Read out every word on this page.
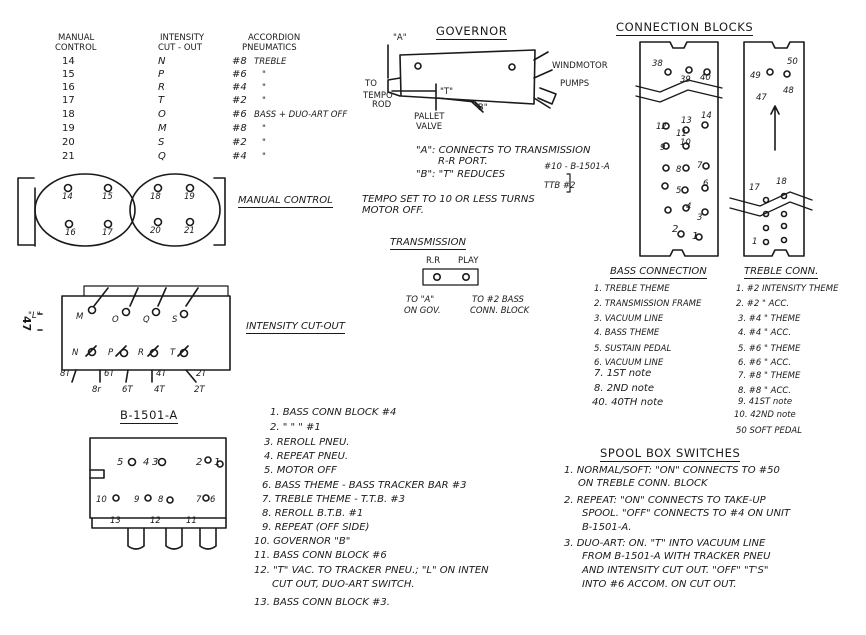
47
MANUAL
CONTROL
INTENSITY
CUT - OUT
ACCORDION
PNEUMATICS
14	N	#8 TREBLE
15	P	#6 "
16	R	#4 "
17	T	#2 "
18	O	#6 BASS + DUO-ART OFF
19	M	#8 "
20	S	#2 "
21	Q	#4 "
14	15
16	17
18	19
20	21
MANUAL CONTROL
GOVERNOR
"A"
WINDMOTOR
PUMPS
TO
TEMPO
ROD
"T"
"B"
PALLET
VALVE
"A": CONNECTS TO TRANSMISSION
R-R PORT.
"B": "T" REDUCES
#10 - B-1501-A
TTB #2
TEMPO SET TO 10 OR LESS TURNS
MOTOR OFF.
TRANSMISSION
R.R PLAY
TO "A"
ON GOV.
TO #2 BASS
CONN. BLOCK
CONNECTION BLOCKS
38
39 40
13 14
12
11
10
9
8 7
6
5
4
3
2
1
49
50
48
47
17
18
1
BASS CONNECTION
1. TREBLE THEME
2. TRANSMISSION FRAME
3. VACUUM LINE
4. BASS THEME
5. SUSTAIN PEDAL
6. VACUUM LINE
7. 1ST note
8. 2ND note
40. 40TH note
TREBLE CONN.
1. #2 INTENSITY THEME
2. #2 " ACC.
3. #4 " THEME
4. #4 " ACC.
5. #6 " THEME
6. #6 " ACC.
7. #8 " THEME
8. #8 " ACC.
9. 41ST note
10. 42ND note
50 SOFT PEDAL
INTENSITY CUT-OUT
"L"	M	O	Q	S
N	P	R	T
8T
8r
6T
6T
4T
4T
2T
2T
B-1501-A
5 4 3	2 1
10	9 8	7 6
13	12	11
1. BASS CONN BLOCK #4
2. " " " #1
3. REROLL PNEU.
4. REPEAT PNEU.
5. MOTOR OFF
6. BASS THEME - BASS TRACKER BAR #3
7. TREBLE THEME - T.T.B. #3
8. REROLL B.T.B. #1
9. REPEAT (OFF SIDE)
10. GOVERNOR "B"
11. BASS CONN BLOCK #6
12. "T" VAC. TO TRACKER PNEU.; "L" ON INTEN
CUT OUT, DUO-ART SWITCH.
13. BASS CONN BLOCK #3.
SPOOL BOX SWITCHES
1. NORMAL/SOFT: "ON" CONNECTS TO #50
ON TREBLE CONN. BLOCK
2. REPEAT: "ON" CONNECTS TO TAKE-UP
SPOOL. "OFF" CONNECTS TO #4 ON UNIT
B-1501-A.
3. DUO-ART: ON. "T" INTO VACUUM LINE
FROM B-1501-A WITH TRACKER PNEU
AND INTENSITY CUT OUT. "OFF" "T'S"
INTO #6 ACCOM. ON CUT OUT.
